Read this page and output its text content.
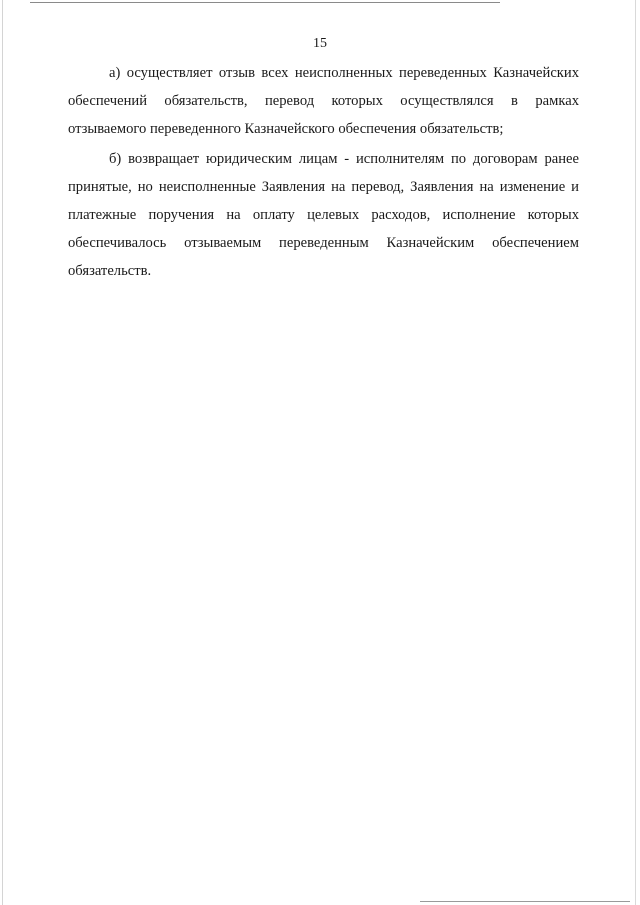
15
а) осуществляет отзыв всех неисполненных переведенных Казначейских
обеспечений обязательств, перевод которых осуществлялся в рамках
отзываемого переведенного Казначейского обеспечения обязательств;
б) возвращает юридическим лицам - исполнителям по договорам ранее
принятые, но неисполненные Заявления на перевод, Заявления на изменение и
платежные поручения на оплату целевых расходов, исполнение которых
обеспечивалось отзываемым переведенным Казначейским обеспечением
обязательств.
